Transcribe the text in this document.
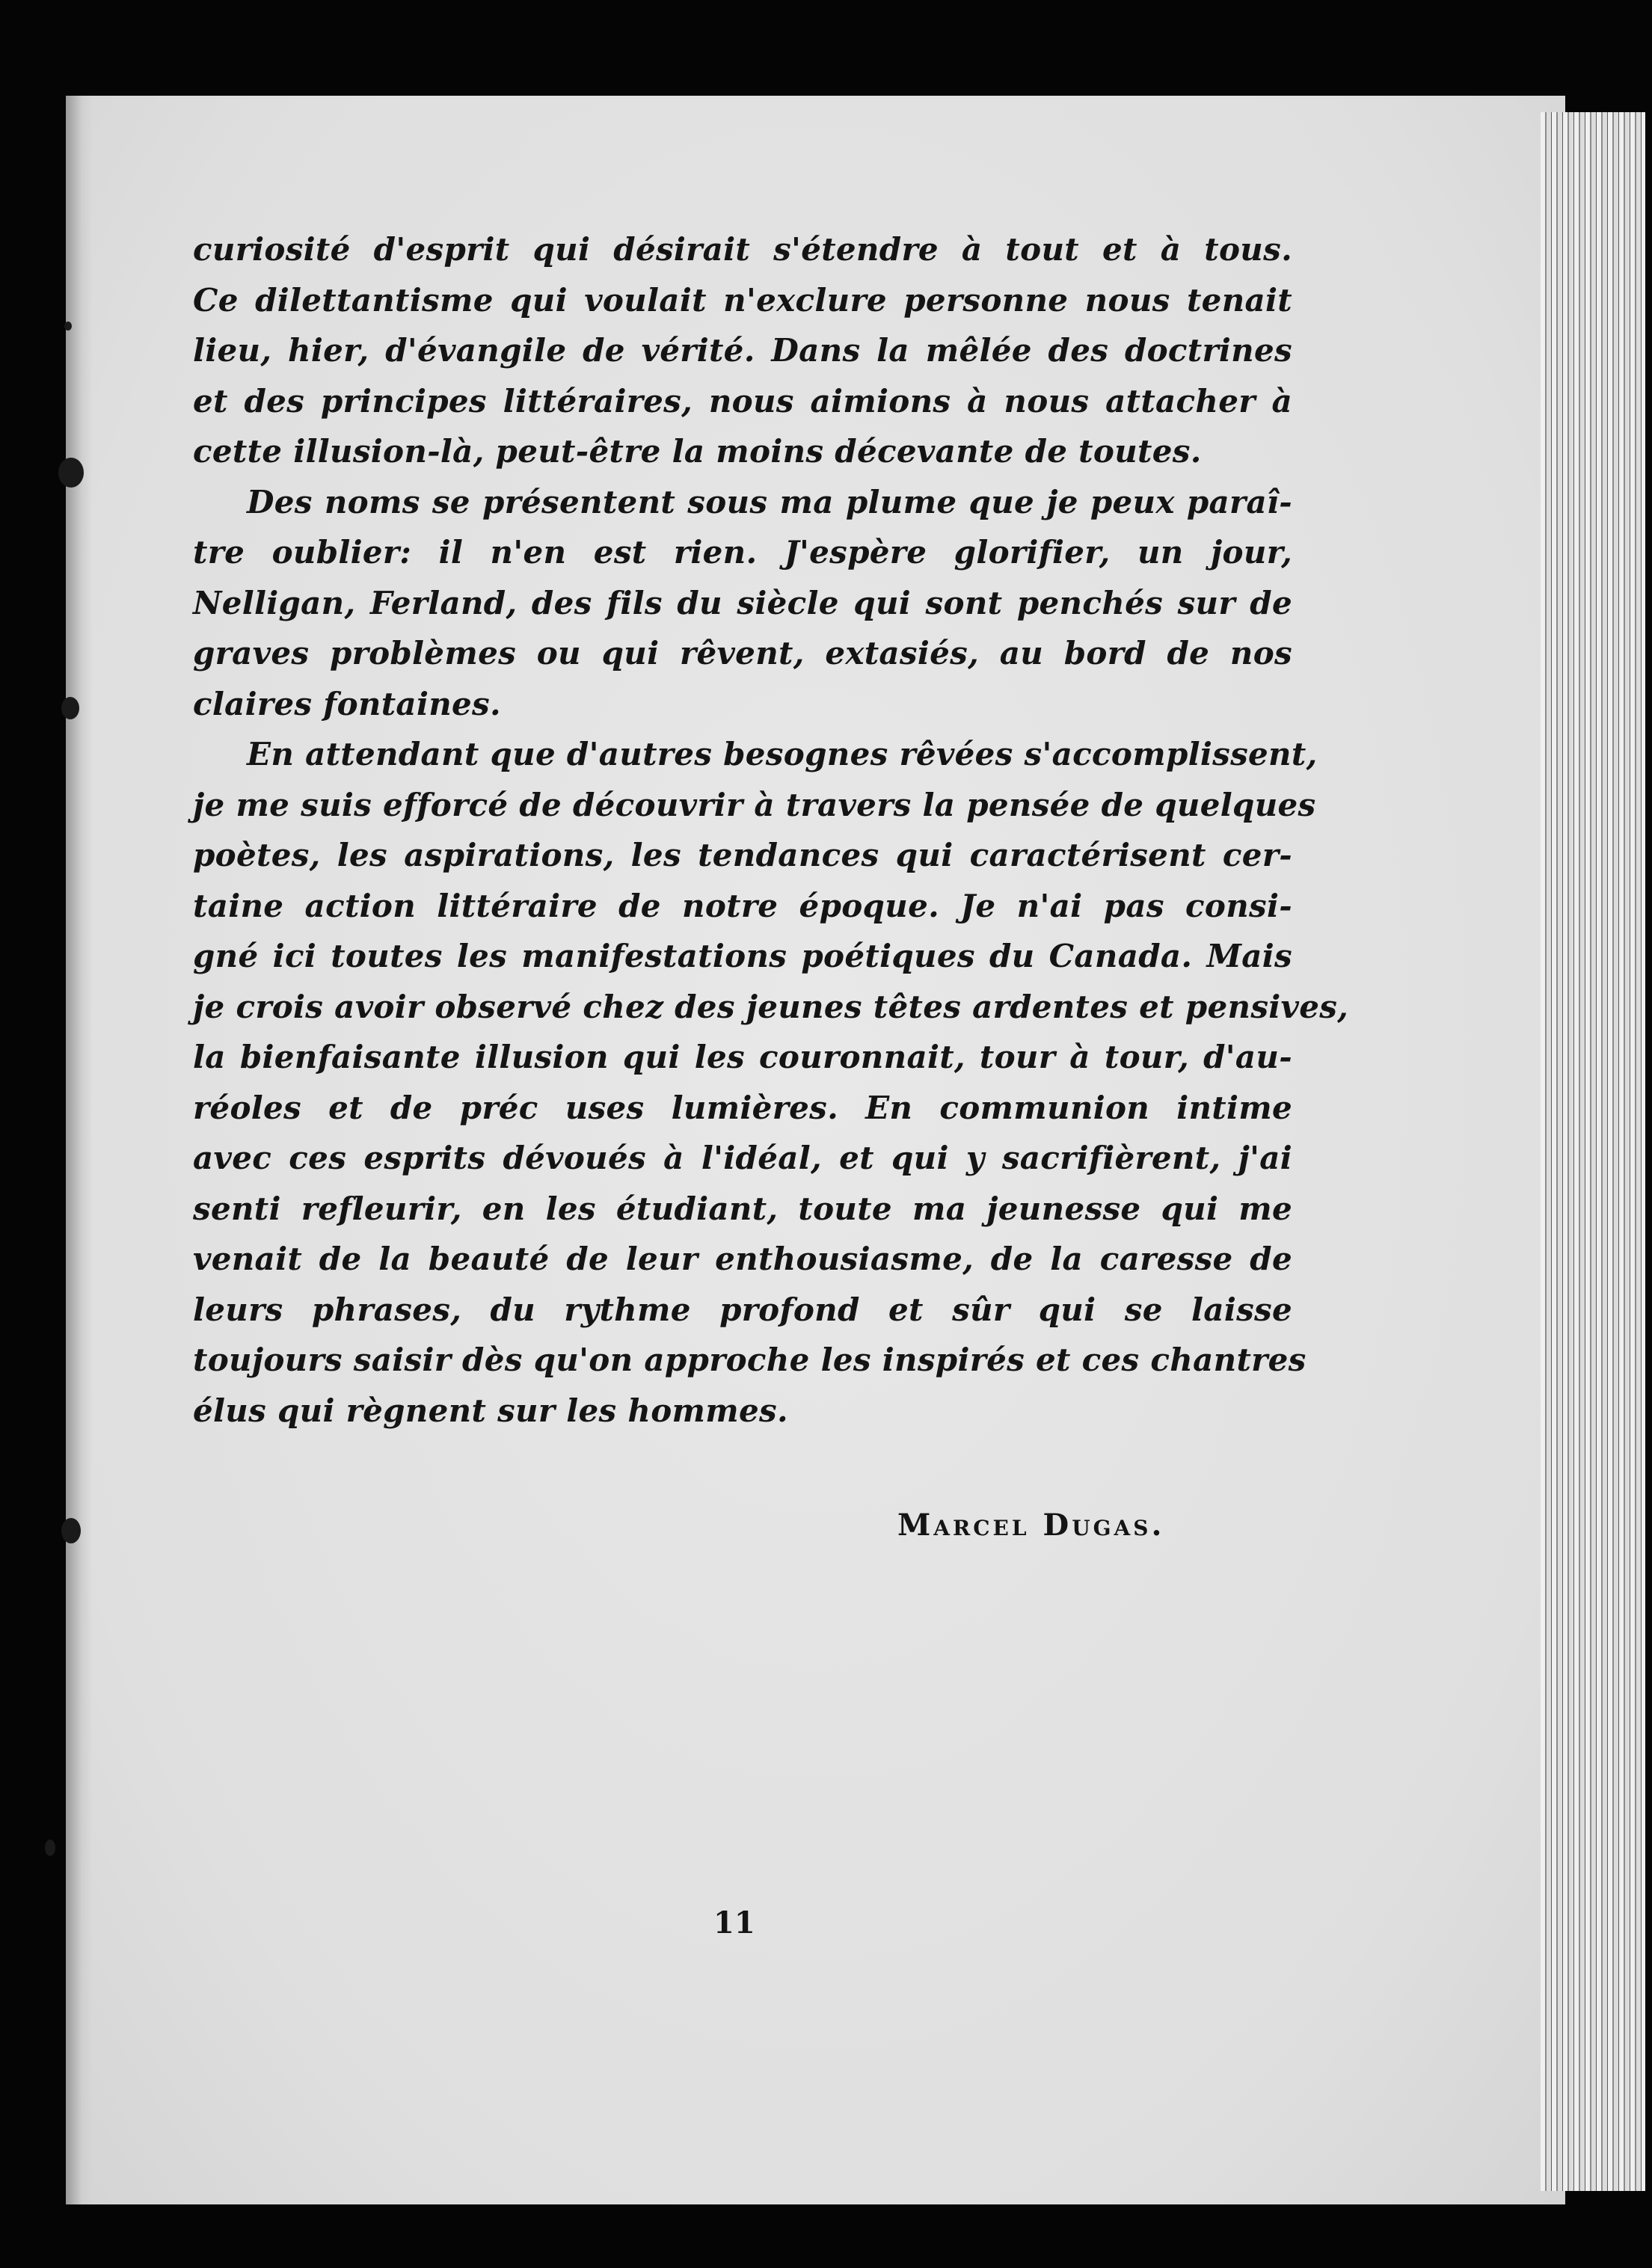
curiosité d'esprit qui désirait s'étendre à tout et à tous.
Ce dilettantisme qui voulait n'exclure personne nous tenait
lieu, hier, d'évangile de vérité. Dans la mêlée des doctrines
et des principes littéraires, nous aimions à nous attacher à
cette illusion-là, peut-être la moins décevante de toutes.
Des noms se présentent sous ma plume que je peux paraî-
tre oublier: il n'en est rien. J'espère glorifier, un jour,
Nelligan, Ferland, des fils du siècle qui sont penchés sur de
graves problèmes ou qui rêvent, extasiés, au bord de nos
claires fontaines.
En attendant que d'autres besognes rêvées s'accomplissent,
je me suis efforcé de découvrir à travers la pensée de quelques
poètes, les aspirations, les tendances qui caractérisent cer-
taine action littéraire de notre époque. Je n'ai pas consi-
gné ici toutes les manifestations poétiques du Canada. Mais
je crois avoir observé chez des jeunes têtes ardentes et pensives,
la bienfaisante illusion qui les couronnait, tour à tour, d'au-
réoles et de préc uses lumières. En communion intime
avec ces esprits dévoués à l'idéal, et qui y sacrifièrent, j'ai
senti refleurir, en les étudiant, toute ma jeunesse qui me
venait de la beauté de leur enthousiasme, de la caresse de
leurs phrases, du rythme profond et sûr qui se laisse
toujours saisir dès qu'on approche les inspirés et ces chantres
élus qui règnent sur les hommes.
Marcel Dugas.
11
